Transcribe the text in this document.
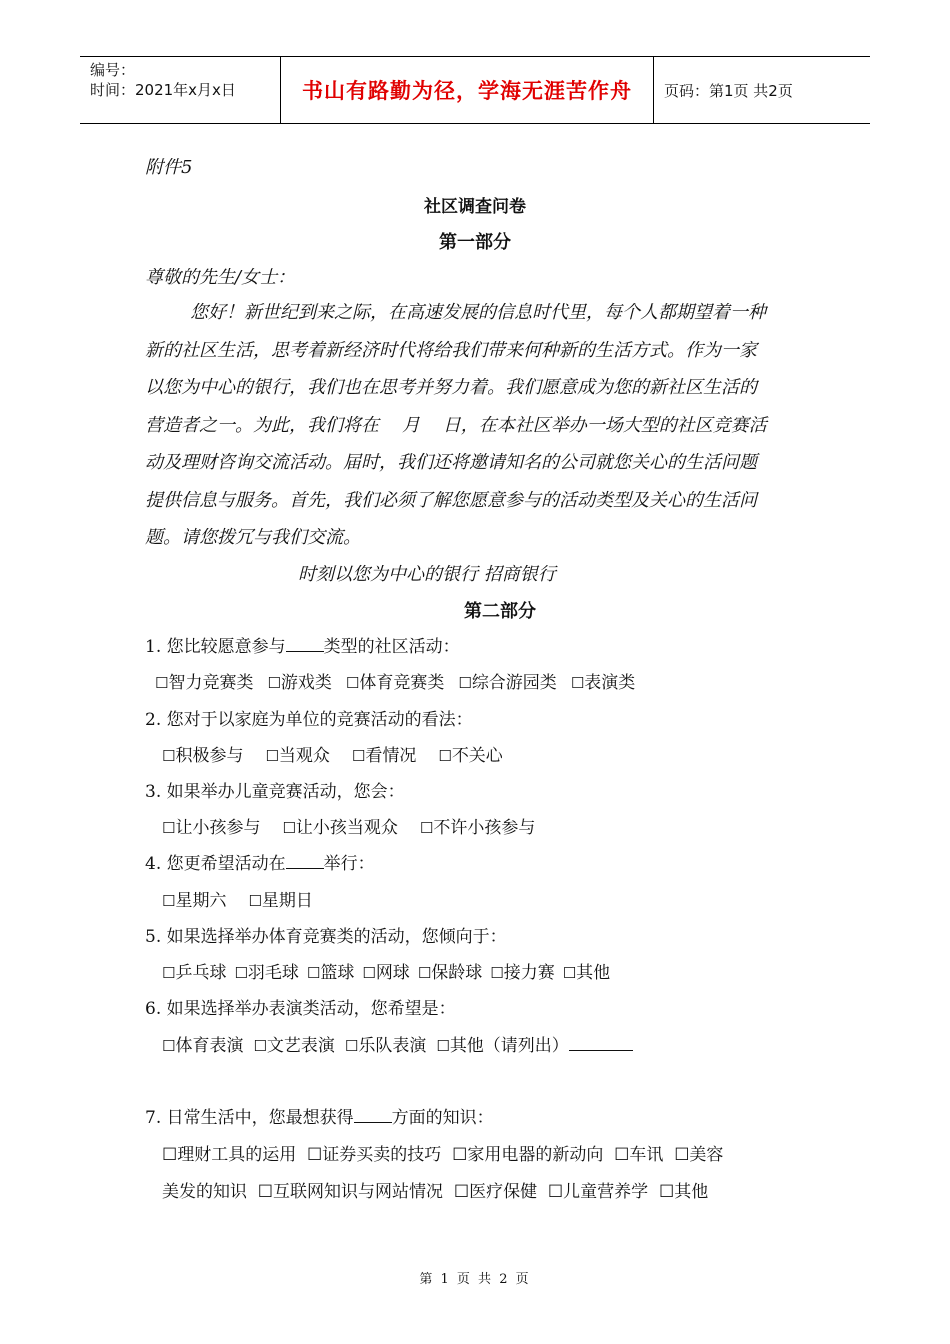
编号：
时间：2021年x月x日	书山有路勤为径，学海无涯苦作舟	页码：第1页 共2页
附件5
社区调查问卷
第一部分
尊敬的先生/女士：
您好！新世纪到来之际，在高速发展的信息时代里，每个人都期望着一种
新的社区生活，思考着新经济时代将给我们带来何种新的生活方式。作为一家
以您为中心的银行，我们也在思考并努力着。我们愿意成为您的新社区生活的
营造者之一。为此，我们将在    月    日，在本社区举办一场大型的社区竞赛活
动及理财咨询交流活动。届时，我们还将邀请知名的公司就您关心的生活问题
提供信息与服务。首先，我们必须了解您愿意参与的活动类型及关心的生活问
题。请您拨冗与我们交流。
时刻以您为中心的银行 招商银行
第二部分
1. 您比较愿意参与 类型的社区活动：
☐智力竞赛类 ☐游戏类 ☐体育竞赛类 ☐综合游园类 ☐表演类
2. 您对于以家庭为单位的竞赛活动的看法：
☐积极参与 ☐当观众 ☐看情况 ☐不关心
3. 如果举办儿童竞赛活动，您会：
☐让小孩参与 ☐让小孩当观众 ☐不许小孩参与
4. 您更希望活动在 举行：
☐星期六 ☐星期日
5. 如果选择举办体育竞赛类的活动，您倾向于：
☐乒乓球 ☐羽毛球 ☐篮球 ☐网球 ☐保龄球 ☐接力赛 ☐其他
6. 如果选择举办表演类活动，您希望是：
☐体育表演 ☐文艺表演 ☐乐队表演 ☐其他（请列出）
7. 日常生活中，您最想获得 方面的知识：
☐理财工具的运用  ☐证券买卖的技巧  ☐家用电器的新动向  ☐车讯  ☐美容
美发的知识  ☐互联网知识与网站情况  ☐医疗保健  ☐儿童营养学  ☐其他
第 1 页 共 2 页
